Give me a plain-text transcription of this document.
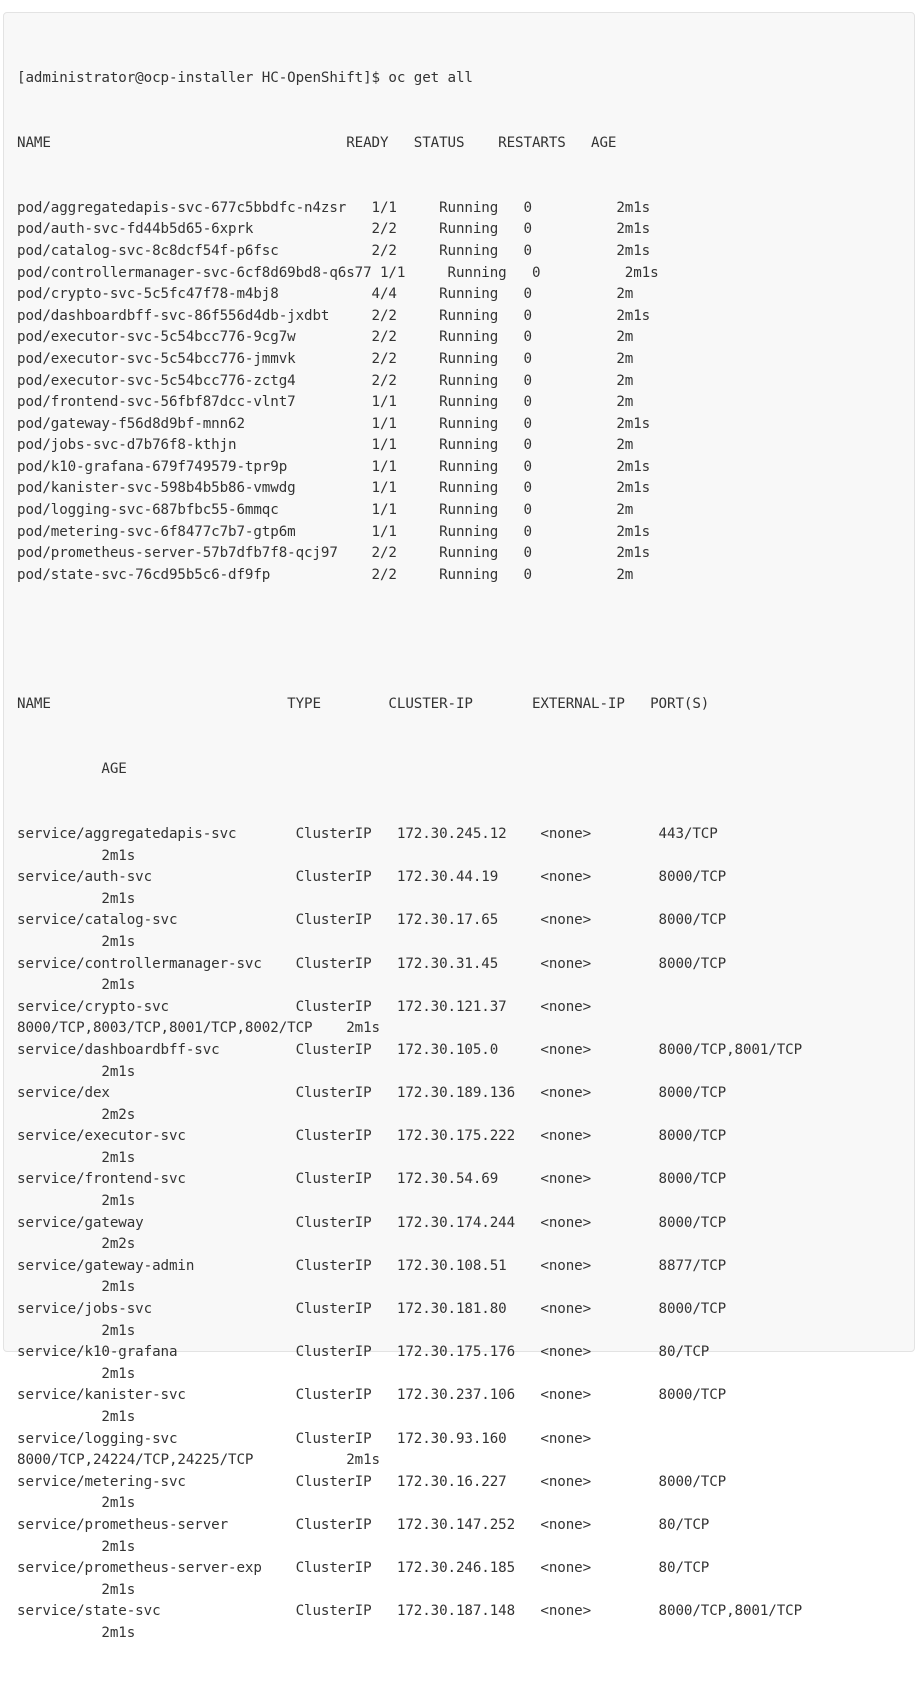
[administrator@ocp-installer HC-OpenShift]$ oc get all

NAME                                   READY   STATUS    RESTARTS   AGE

pod/aggregatedapis-svc-677c5bbdfc-n4zsr   1/1     Running   0          2m1s
pod/auth-svc-fd44b5d65-6xprk              2/2     Running   0          2m1s
pod/catalog-svc-8c8dcf54f-p6fsc           2/2     Running   0          2m1s
pod/controllermanager-svc-6cf8d69bd8-q6s77 1/1     Running   0          2m1s
pod/crypto-svc-5c5fc47f78-m4bj8           4/4     Running   0          2m
pod/dashboardbff-svc-86f556d4db-jxdbt     2/2     Running   0          2m1s
pod/executor-svc-5c54bcc776-9cg7w         2/2     Running   0          2m
pod/executor-svc-5c54bcc776-jmmvk         2/2     Running   0          2m
pod/executor-svc-5c54bcc776-zctg4         2/2     Running   0          2m
pod/frontend-svc-56fbf87dcc-vlnt7         1/1     Running   0          2m
pod/gateway-f56d8d9bf-mnn62               1/1     Running   0          2m1s
pod/jobs-svc-d7b76f8-kthjn                1/1     Running   0          2m
pod/k10-grafana-679f749579-tpr9p          1/1     Running   0          2m1s
pod/kanister-svc-598b4b5b86-vmwdg         1/1     Running   0          2m1s
pod/logging-svc-687bfbc55-6mmqc           1/1     Running   0          2m
pod/metering-svc-6f8477c7b7-gtp6m         1/1     Running   0          2m1s
pod/prometheus-server-57b7dfb7f8-qcj97    2/2     Running   0          2m1s
pod/state-svc-76cd95b5c6-df9fp            2/2     Running   0          2m

NAME                            TYPE        CLUSTER-IP       EXTERNAL-IP   PORT(S)

AGE

service/aggregatedapis-svc       ClusterIP   172.30.245.12    <none>        443/TCP
2m1s
service/auth-svc                 ClusterIP   172.30.44.19     <none>        8000/TCP
2m1s
service/catalog-svc              ClusterIP   172.30.17.65     <none>        8000/TCP
2m1s
service/controllermanager-svc    ClusterIP   172.30.31.45     <none>        8000/TCP
2m1s
service/crypto-svc               ClusterIP   172.30.121.37    <none>
8000/TCP,8003/TCP,8001/TCP,8002/TCP    2m1s
service/dashboardbff-svc         ClusterIP   172.30.105.0     <none>        8000/TCP,8001/TCP
2m1s
service/dex                      ClusterIP   172.30.189.136   <none>        8000/TCP
2m2s
service/executor-svc             ClusterIP   172.30.175.222   <none>        8000/TCP
2m1s
service/frontend-svc             ClusterIP   172.30.54.69     <none>        8000/TCP
2m1s
service/gateway                  ClusterIP   172.30.174.244   <none>        8000/TCP
2m2s
service/gateway-admin            ClusterIP   172.30.108.51    <none>        8877/TCP
2m1s
service/jobs-svc                 ClusterIP   172.30.181.80    <none>        8000/TCP
2m1s
service/k10-grafana              ClusterIP   172.30.175.176   <none>        80/TCP
2m1s
service/kanister-svc             ClusterIP   172.30.237.106   <none>        8000/TCP
2m1s
service/logging-svc              ClusterIP   172.30.93.160    <none>
8000/TCP,24224/TCP,24225/TCP           2m1s
service/metering-svc             ClusterIP   172.30.16.227    <none>        8000/TCP
2m1s
service/prometheus-server        ClusterIP   172.30.147.252   <none>        80/TCP
2m1s
service/prometheus-server-exp    ClusterIP   172.30.246.185   <none>        80/TCP
2m1s
service/state-svc                ClusterIP   172.30.187.148   <none>        8000/TCP,8001/TCP
2m1s
